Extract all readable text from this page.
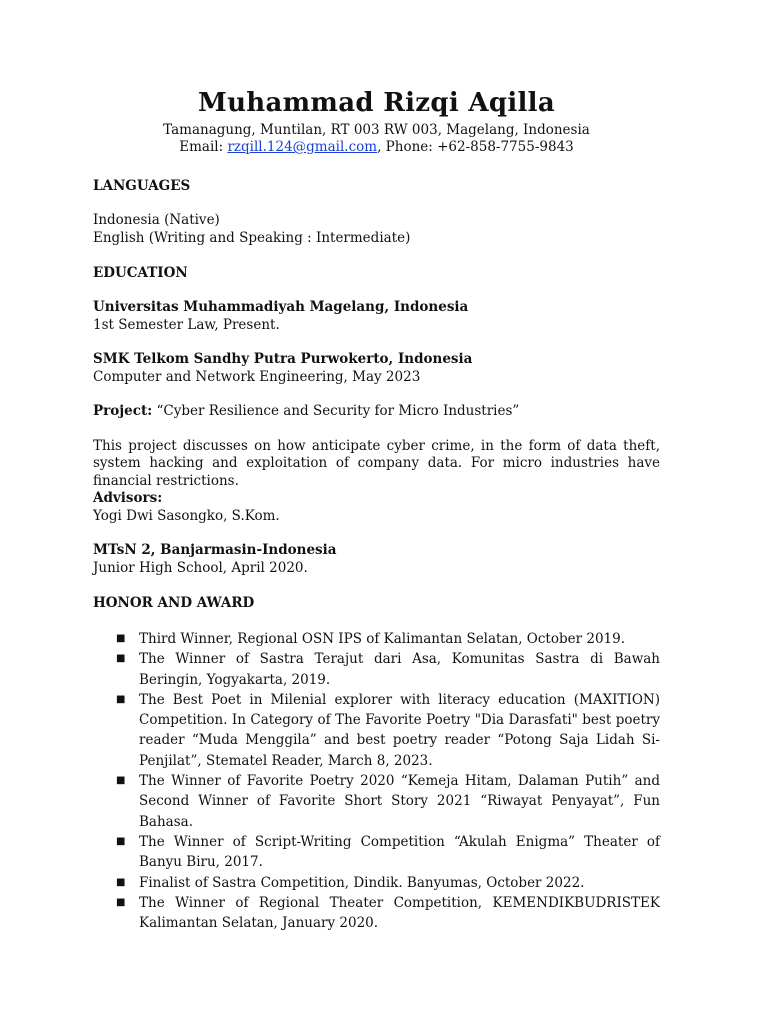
Muhammad Rizqi Aqilla
Tamanagung, Muntilan, RT 003 RW 003, Magelang, Indonesia
Email: rzqill.124@gmail.com, Phone: +62-858-7755-9843
LANGUAGES
Indonesia (Native)
English (Writing and Speaking : Intermediate)
EDUCATION
Universitas Muhammadiyah Magelang, Indonesia
1st Semester Law, Present.
SMK Telkom Sandhy Putra Purwokerto, Indonesia
Computer and Network Engineering, May 2023
Project: “Cyber Resilience and Security for Micro Industries”
This project discusses on how anticipate cyber crime, in the form of data theft, system hacking and exploitation of company data. For micro industries have financial restrictions.
Advisors:
Yogi Dwi Sasongko, S.Kom.
MTsN 2, Banjarmasin-Indonesia
Junior High School, April 2020.
HONOR AND AWARD
■ Third Winner, Regional OSN IPS of Kalimantan Selatan, October 2019.
■ The Winner of Sastra Terajut dari Asa, Komunitas Sastra di Bawah Beringin, Yogyakarta, 2019.
■ The Best Poet in Milenial explorer with literacy education (MAXITION) Competition. In Category of The Favorite Poetry "Dia Darasfati" best poetry reader “Muda Menggila” and best poetry reader “Potong Saja Lidah Si-Penjilat”, Stematel Reader, March 8, 2023.
■ The Winner of Favorite Poetry 2020 “Kemeja Hitam, Dalaman Putih” and Second Winner of Favorite Short Story 2021 “Riwayat Penyayat”, Fun Bahasa.
■ The Winner of Script-Writing Competition “Akulah Enigma” Theater of Banyu Biru, 2017.
■ Finalist of Sastra Competition, Dindik. Banyumas, October 2022.
■ The Winner of Regional Theater Competition, KEMENDIKBUDRISTEK Kalimantan Selatan, January 2020.
